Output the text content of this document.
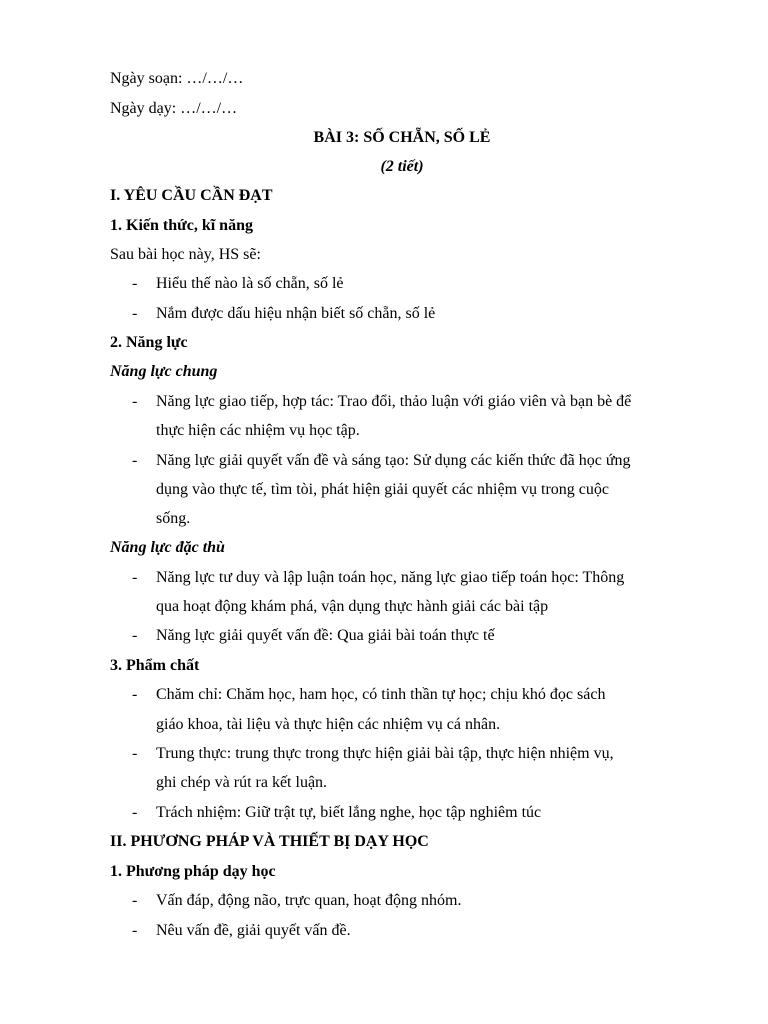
Ngày soạn: …/…/…
Ngày dạy: …/…/…
BÀI 3: SỐ CHẴN, SỐ LẺ
(2 tiết)
I. YÊU CẦU CẦN ĐẠT
1. Kiến thức, kĩ năng
Sau bài học này, HS sẽ:
- Hiểu thế nào là số chẵn, số lẻ
- Nắm được dấu hiệu nhận biết số chẵn, số lẻ
2. Năng lực
Năng lực chung
- Năng lực giao tiếp, hợp tác: Trao đổi, thảo luận với giáo viên và bạn bè để
thực hiện các nhiệm vụ học tập.
- Năng lực giải quyết vấn đề và sáng tạo: Sử dụng các kiến thức đã học ứng
dụng vào thực tế, tìm tòi, phát hiện giải quyết các nhiệm vụ trong cuộc
sống.
Năng lực đặc thù
- Năng lực tư duy và lập luận toán học, năng lực giao tiếp toán học: Thông
qua hoạt động khám phá, vận dụng thực hành giải các bài tập
- Năng lực giải quyết vấn đề: Qua giải bài toán thực tế
3. Phẩm chất
- Chăm chỉ: Chăm học, ham học, có tinh thần tự học; chịu khó đọc sách
giáo khoa, tài liệu và thực hiện các nhiệm vụ cá nhân.
- Trung thực: trung thực trong thực hiện giải bài tập, thực hiện nhiệm vụ,
ghi chép và rút ra kết luận.
- Trách nhiệm: Giữ trật tự, biết lắng nghe, học tập nghiêm túc
II. PHƯƠNG PHÁP VÀ THIẾT BỊ DẠY HỌC
1. Phương pháp dạy học
- Vấn đáp, động não, trực quan, hoạt động nhóm.
- Nêu vấn đề, giải quyết vấn đề.
